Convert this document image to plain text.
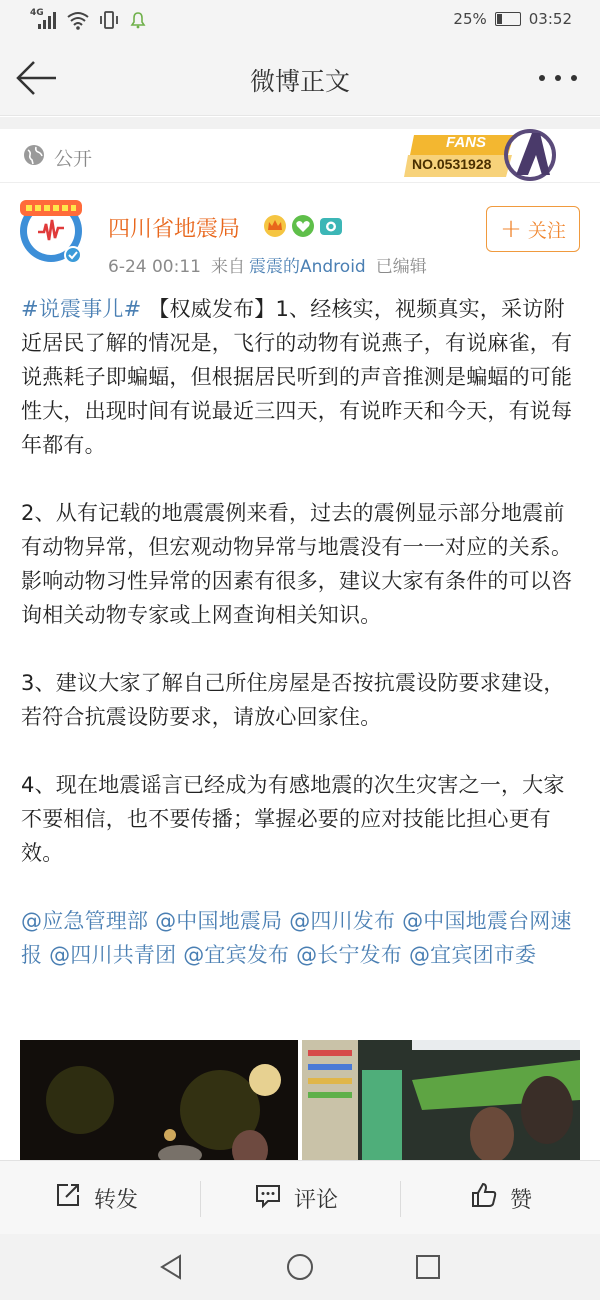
4G	25%	03:52
微博正文
公开
FANS
NO.0531928
四川省地震局
6-24 00:11 来自 震震的Android 已编辑
+ 关注

#说震事儿# 【权威发布】1、经核实，视频真实，采访附近居民了解的情况是，飞行的动物有说燕子，有说麻雀，有说燕耗子即蝙蝠，但根据居民听到的声音推测是蝙蝠的可能性大，出现时间有说最近三四天，有说昨天和今天，有说每年都有。

2、从有记载的地震震例来看，过去的震例显示部分地震前有动物异常，但宏观动物异常与地震没有一一对应的关系。影响动物习性异常的因素有很多，建议大家有条件的可以咨询相关动物专家或上网查询相关知识。

3、建议大家了解自己所住房屋是否按抗震设防要求建设，若符合抗震设防要求，请放心回家住。

4、现在地震谣言已经成为有感地震的次生灾害之一，大家不要相信，也不要传播；掌握必要的应对技能比担心更有效。

@应急管理部 @中国地震局 @四川发布 @中国地震台网速报 @四川共青团 @宜宾发布 @长宁发布 @宜宾团市委

转发	评论	赞
